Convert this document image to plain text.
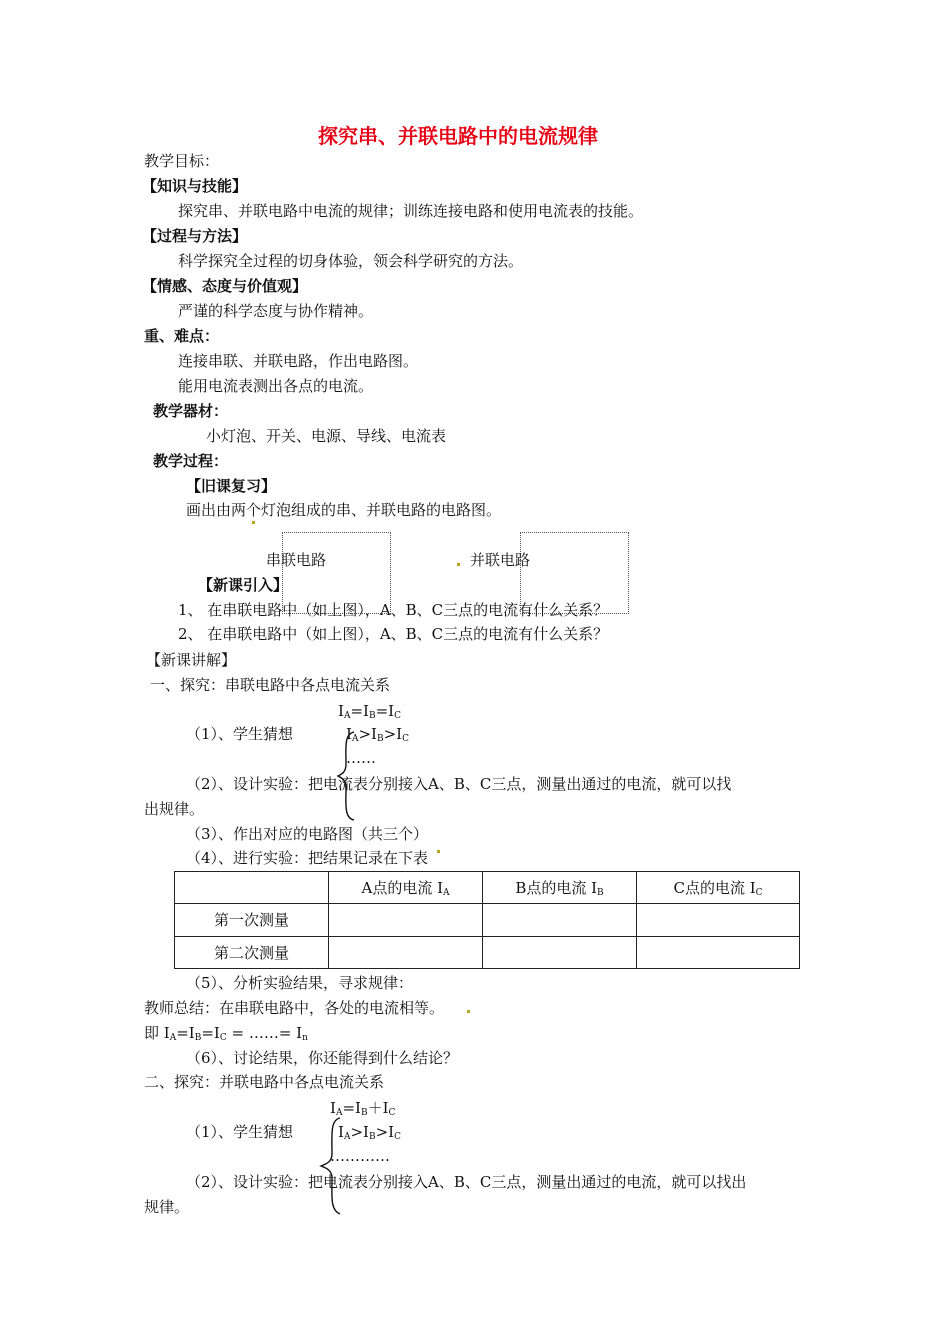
探究串、并联电路中的电流规律
教学目标：
【知识与技能】
探究串、并联电路中电流的规律；训练连接电路和使用电流表的技能。
【过程与方法】
科学探究全过程的切身体验，领会科学研究的方法。
【情感、态度与价值观】
严谨的科学态度与协作精神。
重、难点：
连接串联、并联电路，作出电路图。
能用电流表测出各点的电流。
教学器材：
小灯泡、开关、电源、导线、电流表
教学过程：
【旧课复习】
画出由两个灯泡组成的串、并联电路的电路图。
串联电路	并联电路
【新课引入】
1、 在串联电路中（如上图），A、B、C三点的电流有什么关系？
2、 在串联电路中（如上图），A、B、C三点的电流有什么关系？
【新课讲解】
一、探究：串联电路中各点电流关系
$I_A=I_B=I_C$
（1）、学生猜想	$I_A>I_B>I_C$
……
（2）、设计实验：把电流表分别接入A、B、C三点，测量出通过的电流，就可以找
出规律。
（3）、作出对应的电路图（共三个）
（4）、进行实验：把结果记录在下表
	A点的电流 $I_A$	B点的电流 $I_B$	C点的电流 $I_C$
第一次测量			
第二次测量			
（5）、分析实验结果，寻求规律：
教师总结：在串联电路中，各处的电流相等。
即 $I_A=I_B=I_C$ = ……= $I_n$
（6）、讨论结果，你还能得到什么结论？
二、探究：并联电路中各点电流关系
$I_A=I_B+I_C$
（1）、学生猜想	$I_A>I_B>I_C$
…………
（2）、设计实验：把电流表分别接入A、B、C三点，测量出通过的电流，就可以找出
规律。
